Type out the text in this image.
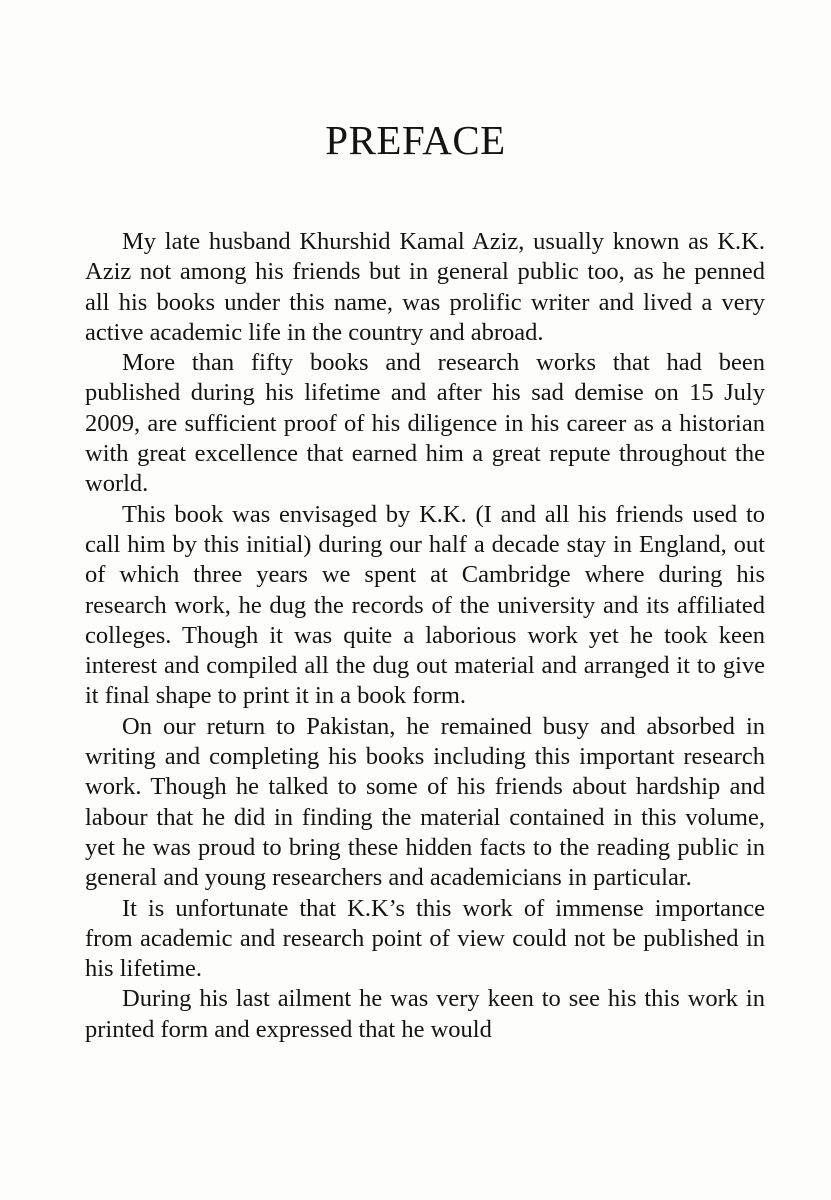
PREFACE

My late husband Khurshid Kamal Aziz, usually known as K.K. Aziz not among his friends but in general public too, as he penned all his books under this name, was prolific writer and lived a very active academic life in the country and abroad.

More than fifty books and research works that had been published during his lifetime and after his sad demise on 15 July 2009, are sufficient proof of his diligence in his career as a historian with great excellence that earned him a great repute throughout the world.

This book was envisaged by K.K. (I and all his friends used to call him by this initial) during our half a decade stay in England, out of which three years we spent at Cambridge where during his research work, he dug the records of the university and its affiliated colleges. Though it was quite a laborious work yet he took keen interest and compiled all the dug out material and arranged it to give it final shape to print it in a book form.

On our return to Pakistan, he remained busy and absorbed in writing and completing his books including this important research work. Though he talked to some of his friends about hardship and labour that he did in finding the material contained in this volume, yet he was proud to bring these hidden facts to the reading public in general and young researchers and academicians in particular.

It is unfortunate that K.K’s this work of immense importance from academic and research point of view could not be published in his lifetime.

During his last ailment he was very keen to see his this work in printed form and expressed that he would
